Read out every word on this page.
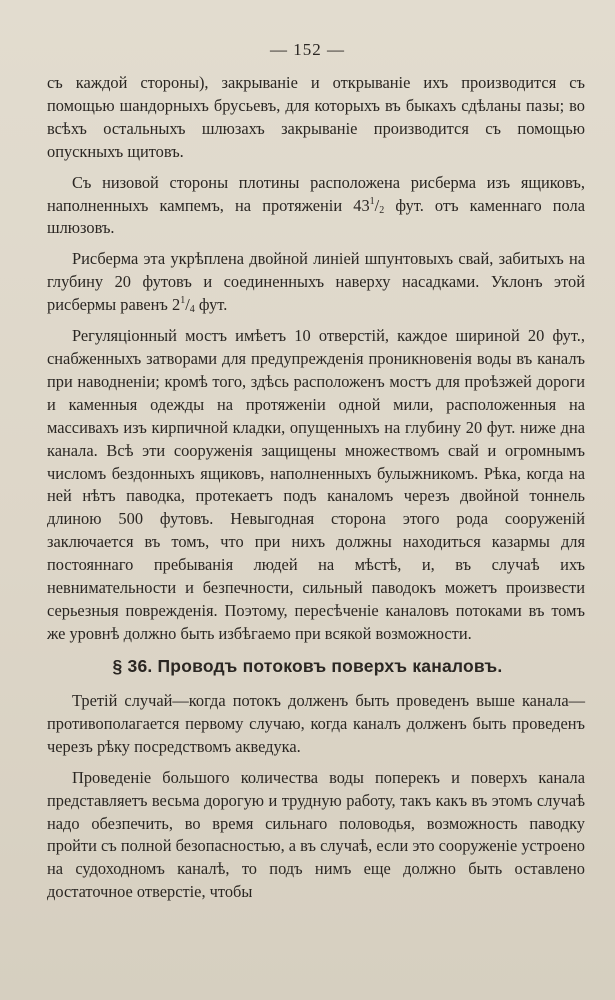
— 152 —

съ каждой стороны), закрываніе и открываніе ихъ производится съ помощью шандорныхъ брусьевъ, для которыхъ въ быкахъ сдѣланы пазы; во всѣхъ остальныхъ шлюзахъ закрываніе производится съ помощью опускныхъ щитовъ.

Съ низовой стороны плотины расположена рисберма изъ ящиковъ, наполненныхъ кампемъ, на протяженіи $43^1/_2$ фут. отъ каменнаго пола шлюзовъ.

Рисберма эта укрѣплена двойной линіей шпунтовыхъ свай, забитыхъ на глубину 20 футовъ и соединенныхъ наверху насадками. Уклонъ этой рисбермы равенъ $2^1/_4$ фут.

Регуляціонный мостъ имѣетъ 10 отверстій, каждое шириной 20 фут., снабженныхъ затворами для предупрежденія проникновенія воды въ каналъ при наводненіи; кромѣ того, здѣсь расположенъ мостъ для проѣзжей дороги и каменныя одежды на протяженіи одной мили, расположенныя на массивахъ изъ кирпичной кладки, опущенныхъ на глубину 20 фут. ниже дна канала. Всѣ эти сооруженія защищены множествомъ свай и огромнымъ числомъ бездонныхъ ящиковъ, наполненныхъ булыжникомъ. Рѣка, когда на ней нѣтъ паводка, протекаетъ подъ каналомъ черезъ двойной тоннель длиною 500 футовъ. Невыгодная сторона этого рода сооруженій заключается въ томъ, что при нихъ должны находиться казармы для постояннаго пребыванія людей на мѣстѣ, и, въ случаѣ ихъ невнимательности и безпечности, сильный паводокъ можетъ произвести серьезныя поврежденія. Поэтому, пересѣченіе каналовъ потоками въ томъ же уровнѣ должно быть избѣгаемо при всякой возможности.

§ 36. Проводъ потоковъ поверхъ каналовъ.

Третій случай—когда потокъ долженъ быть проведенъ выше канала—противополагается первому случаю, когда каналъ долженъ быть проведенъ черезъ рѣку посредствомъ акведука.

Проведеніе большого количества воды поперекъ и поверхъ канала представляетъ весьма дорогую и трудную работу, такъ какъ въ этомъ случаѣ надо обезпечить, во время сильнаго половодья, возможность паводку пройти съ полной безопасностью, а въ случаѣ, если это сооруженіе устроено на судоходномъ каналѣ, то подъ нимъ еще должно быть оставлено достаточное отверстіе, чтобы
